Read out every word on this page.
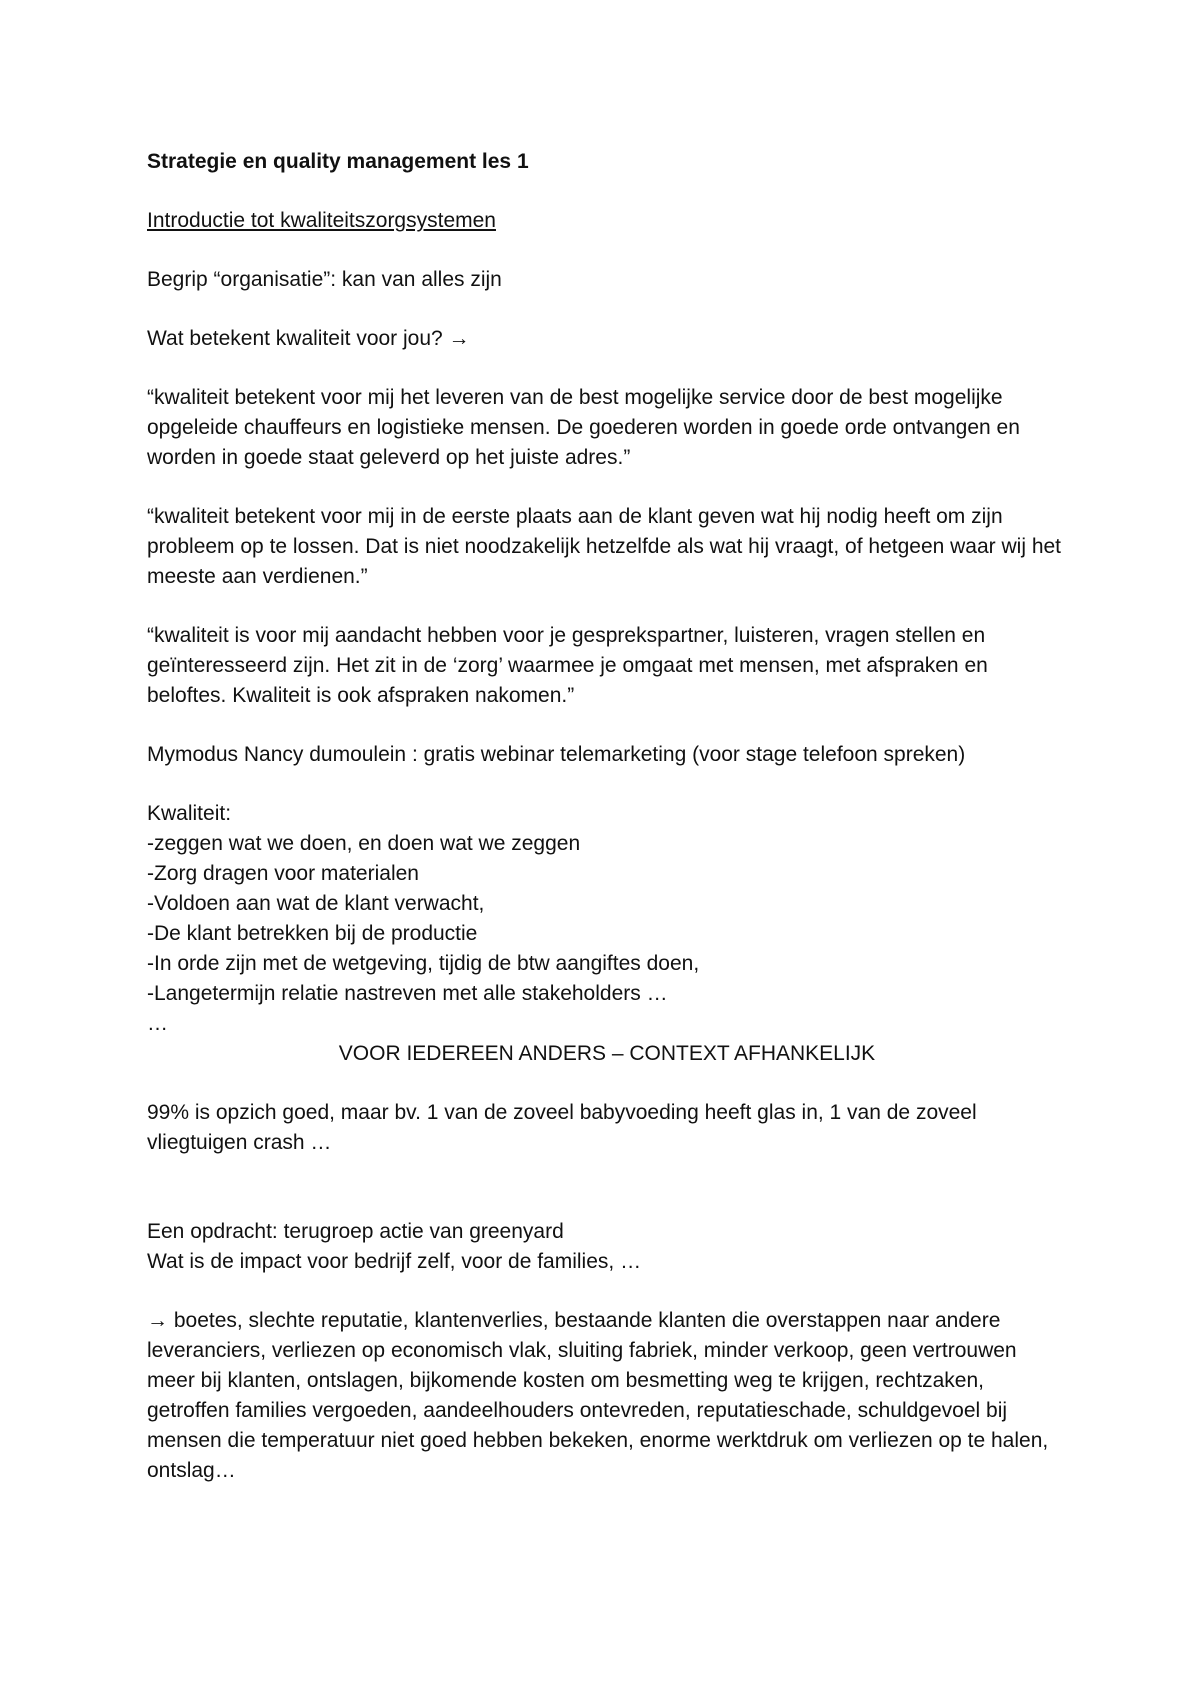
Strategie en quality management les 1

Introductie tot kwaliteitszorgsystemen

Begrip “organisatie”: kan van alles zijn

Wat betekent kwaliteit voor jou? →

“kwaliteit betekent voor mij het leveren van de best mogelijke service door de best mogelijke opgeleide chauffeurs en logistieke mensen. De goederen worden in goede orde ontvangen en worden in goede staat geleverd op het juiste adres.”

“kwaliteit betekent voor mij in de eerste plaats aan de klant geven wat hij nodig heeft om zijn probleem op te lossen. Dat is niet noodzakelijk hetzelfde als wat hij vraagt, of hetgeen waar wij het meeste aan verdienen.”

“kwaliteit is voor mij aandacht hebben voor je gesprekspartner, luisteren, vragen stellen en geïnteresseerd zijn. Het zit in de ‘zorg’ waarmee je omgaat met mensen, met afspraken en beloftes. Kwaliteit is ook afspraken nakomen.”

Mymodus Nancy dumoulein : gratis webinar telemarketing (voor stage telefoon spreken)

Kwaliteit:

-zeggen wat we doen, en doen wat we zeggen

-Zorg dragen voor materialen

-Voldoen aan wat de klant verwacht,

-De klant betrekken bij de productie

-In orde zijn met de wetgeving, tijdig de btw aangiftes doen,

-Langetermijn relatie nastreven met alle stakeholders …

…

VOOR IEDEREEN ANDERS – CONTEXT AFHANKELIJK

99% is opzich goed, maar bv. 1 van de zoveel babyvoeding heeft glas in, 1 van de zoveel vliegtuigen crash …

Een opdracht: terugroep actie van greenyard

Wat is de impact voor bedrijf zelf, voor de families, …

→ boetes, slechte reputatie, klantenverlies, bestaande klanten die overstappen naar andere leveranciers, verliezen op economisch vlak, sluiting fabriek, minder verkoop, geen vertrouwen meer bij klanten, ontslagen, bijkomende kosten om besmetting weg te krijgen, rechtzaken, getroffen families vergoeden, aandeelhouders ontevreden, reputatieschade, schuldgevoel bij mensen die temperatuur niet goed hebben bekeken, enorme werktdruk om verliezen op te halen, ontslag…
